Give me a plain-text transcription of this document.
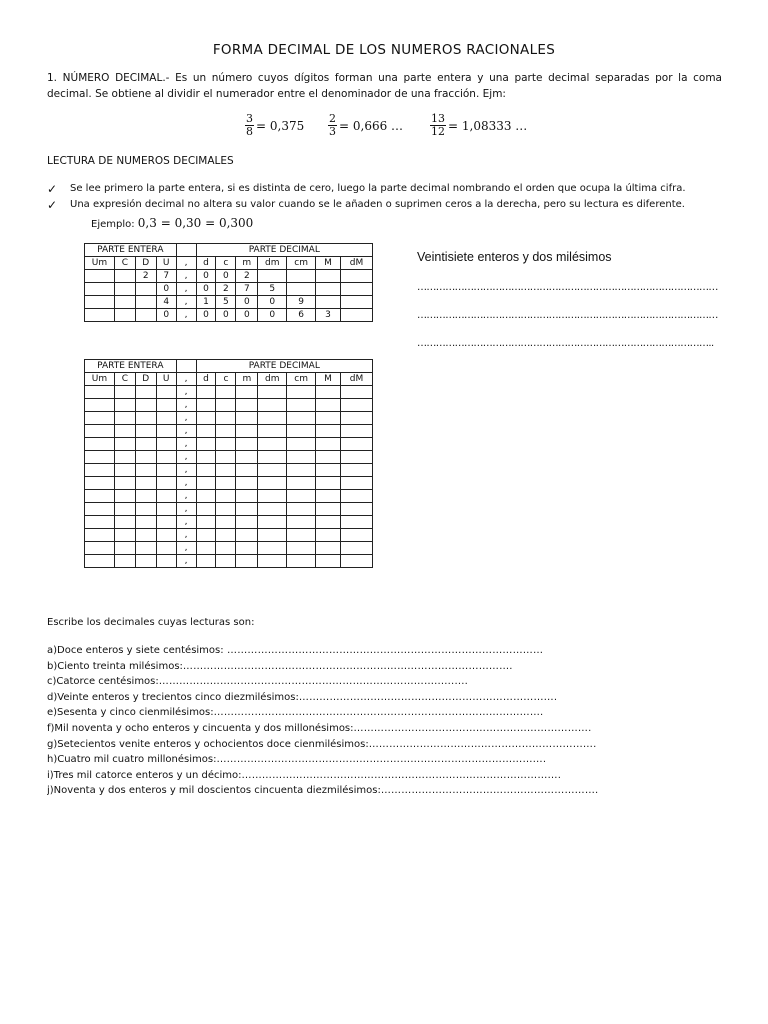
FORMA DECIMAL DE LOS NUMEROS RACIONALES
1. NÚMERO DECIMAL.- Es un número cuyos dígitos forman una parte entera y una parte decimal separadas por la coma decimal. Se obtiene al dividir el numerador entre el denominador de una fracción. Ejm:
$\frac{3}{8} = 0,375 \frac{2}{3} = 0,666$ … $\frac{13}{12} = 1,08333$ …
LECTURA DE NUMEROS DECIMALES
✓ Se lee primero la parte entera, si es distinta de cero, luego la parte decimal nombrando el orden que ocupa la última cifra.
✓ Una expresión decimal no altera su valor cuando se le añaden o suprimen ceros a la derecha, pero su lectura es diferente.
Ejemplo: 0,3 = 0,30 = 0,300
PARTE ENTERA					PARTE DECIMAL						
Um	C	D	U	,	d	c	m	dm	cm	M	dM
		2	7	,	0	0	2				
			0	,	0	2	7	5			
			4	,	1	5	0	0	9		
			0	,	0	0	0	0	6	3	
Veintisiete enteros y dos milésimos
……………………………………………………………………………………
……………………………………………………………………………………
…………………………………………………………………………………..
PARTE ENTERA					PARTE DECIMAL						
Um	C	D	U	,	d	c	m	dm	cm	M	dM
				,							
				,							
				,							
				,							
				,							
				,							
				,							
				,							
				,							
				,							
				,							
				,							
				,							
				,							
Escribe los decimales cuyas lecturas son:
a)Doce enteros y siete centésimos: …………………………………………………………………………………
b)Ciento treinta milésimos:…………………………………………………………………………………….
c)Catorce centésimos:………………………………………………………………………..........
d)Veinte enteros y trecientos cinco diezmilésimos:………………………………………………………………….
e)Sesenta y cinco cienmilésimos:…………………………………………………………………………………….
f)Mil noventa y ocho enteros y cincuenta y dos millonésimos:…………………………………………………………….
g)Setecientos venite enteros y ochocientos doce cienmilésimos:………………………………………………………….
h)Cuatro mil cuatro millonésimos:…………………………………………………………………………………….
i)Tres mil catorce enteros y un décimo:………………………………………………………………………………….
j)Noventa y dos enteros y mil doscientos cincuenta diezmilésimos:……………………………………………………….
